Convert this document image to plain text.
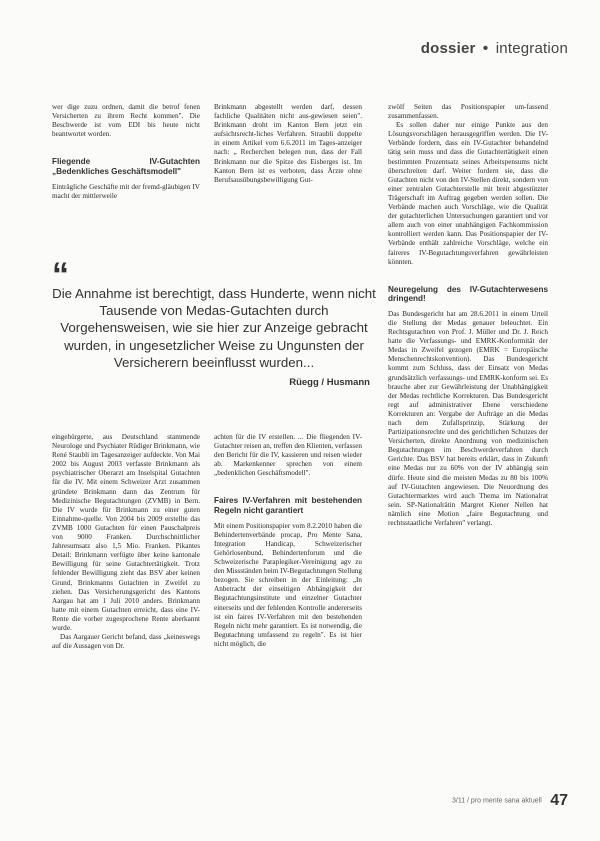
dossier • integration

wer dige zuzu ordnen, damit die betrof fenen Versicherten zu ihrem Recht kommen". Die Beschwerde ist vom EDI bis heute nicht beantwortet worden.

Fliegende IV-Gutachten „Bedenkliches Geschäftsmodell"

Einträgliche Geschäfte mit der fremd-gläubigen IV macht der mittlerweile

Brinkmann abgestellt werden darf, dessen fachliche Qualitäten nicht aus-gewiesen seien". Brinkmann droht im Kanton Bern jetzt ein aufsichtsrecht-liches Verfahren. Straubli doppelte in einem Artikel vom 6.6.2011 im Tages-anzeiger nach: „ Recherchen belegen nun, dass der Fall Brinkmann nur die Spitze des Eisberges ist. Im Kanton Bern ist es verboten, dass Ärzte ohne Berufsausübungsbewilligung Gut-

zwölf Seiten das Positionspapier um-fassend zusammenfassen.

Es sollen daher nur einige Punkte aus den Lösungsvorschlägen herausgegriffen werden. Die IV-Verbände fordern, dass ein IV-Gutachter behandelnd tätig sein muss und dass die Gutachtertätigkeit einen bestimmten Prozentsatz seines Arbeitspensums nicht überschreiten darf. Weiter fordern sie, dass die Gutachten nicht von den IV-Stellen direkt, sondern von einer zentralen Gutachterstelle mit breit abgestützter Trägerschaft im Auftrag gegeben werden sollen. Die Verbände machen auch Vorschläge, wie die Qualität der gutachterlichen Untersuchungen garantiert und vor allem auch von einer unabhängigen Fachkommission kontrolliert werden kann. Das Positionspapier der IV-Verbände enthält zahlreiche Vorschläge, welche ein faireres IV-Begutachtungsverfahren gewährleisten könnten.

Neuregelung des IV-Gutachterwesens dringend!

Das Bundesgericht hat am 28.6.2011 in einem Urteil die Stellung der Medas genauer beleuchtet. Ein Rechtsgutachten von Prof. J. Müller und Dr. J. Reich hatte die Verfassungs- und EMRK-Konformität der Medas in Zweifel gezogen (EMRK = Europäische Menschenrechtskonvention). Das Bundesgericht kommt zum Schluss, dass der Einsatz von Medas grundsätzlich verfassungs- und EMRK-konform sei. Es brauche aber zur Gewährleistung der Unabhängigkeit der Medas rechtliche Korrekturen. Das Bundesgericht regt auf administrativer Ebene verschiedene Korrekturen an: Vergabe der Aufträge an die Medas nach dem Zufallsprinzip, Stärkung der Partizipationsrechte und des gerichtlichen Schutzes der Versicherten, direkte Anordnung von medizinischen Begutachtungen im Beschwerdeverfahren durch Gerichte. Das BSV hat bereits erklärt, dass in Zukunft eine Medas nur zu 60% von der IV abhängig sein dürfe. Heute sind die meisten Medas zu 80 bis 100% auf IV-Gutachten angewiesen. Die Neuordnung des Gutachtermarktes wird auch Thema im Nationalrat sein. SP-Nationalrätin Margret Kiener Nellen hat nämlich eine Motion „faire Begutachtung und rechtsstaatliche Verfahren" verlangt.

“
Die Annahme ist berechtigt, dass Hunderte, wenn nicht Tausende von Medas-Gutachten durch Vorgehensweisen, wie sie hier zur Anzeige gebracht wurden, in ungesetzlicher Weise zu Ungunsten der Versicherern beeinflusst wurden...
Rüegg / Husmann

eingebürgerte, aus Deutschland stammende Neurologe und Psychiater Rüdiger Brinkmann, wie René Staubli im Tagesanzeiger aufdeckte. Von Mai 2002 bis August 2003 verfasste Brinkmann als psychiatrischer Oberarzt am Inselspital Gutachten für die IV. Mit einem Schweizer Arzt zusammen gründete Brinkmann dann das Zentrum für Medizinische Begutachtungen (ZVMB) in Bern. Die IV wurde für Brinkmann zu einer guten Einnahme-quelle. Von 2004 bis 2009 erstellte das ZVMB 1000 Gutachten für einen Pauschalpreis von 9000 Franken. Durchschnittlicher Jahresumsatz also 1,5 Mio. Franken. Pikantes Detail: Brinkmann verfügte über keine kantonale Bewilligung für seine Gutachtertätigkeit. Trotz fehlender Bewilligung zieht das BSV aber keinen Grund, Brinkmanns Gutachten in Zweifel zu ziehen. Das Versicherungsgericht des Kantons Aargau hat am 1 Juli 2010 anders. Brinkmann hatte mit einem Gutachten erreicht, dass eine IV-Rente die vorher zugesprochene Rente aberkannt wurde.

Das Aargauer Gericht befand, dass „keineswegs auf die Aussagen von Dr.

achten für die IV erstellen. ... Die fliegenden IV-Gutachter reisen an, treffen den Klienten, verfassen den Bericht für die IV, kassieren und reisen wieder ab. Markenkenner sprechen von einem „bedenklichen Geschäftsmodell".

Faires IV-Verfahren mit bestehenden Regeln nicht garantiert

Mit einem Positionspapier vom 8.2.2010 haben die Behindertenverbände procap, Pro Mente Sana, Integration Handicap, Schweizerischer Gehörlosenbund, Behindertenforum und die Schweizerische Paraplegiker-Vereinigung agv zu den Missständen beim IV-Begutachtungen Stellung bezogen. Sie schreiben in der Einleitung: „In Anbetracht der einseitigen Abhängigkeit der Begutachtungsinstitute und einzelner Gutachter einerseits und der fehlenden Kontrolle andererseits ist ein faires IV-Verfahren mit den bestehenden Regeln nicht mehr garantiert. Es ist notwendig, die Begutachtung umfassend zu regeln". Es ist hier nicht möglich, die

3/11 / pro mente sana aktuell 47
